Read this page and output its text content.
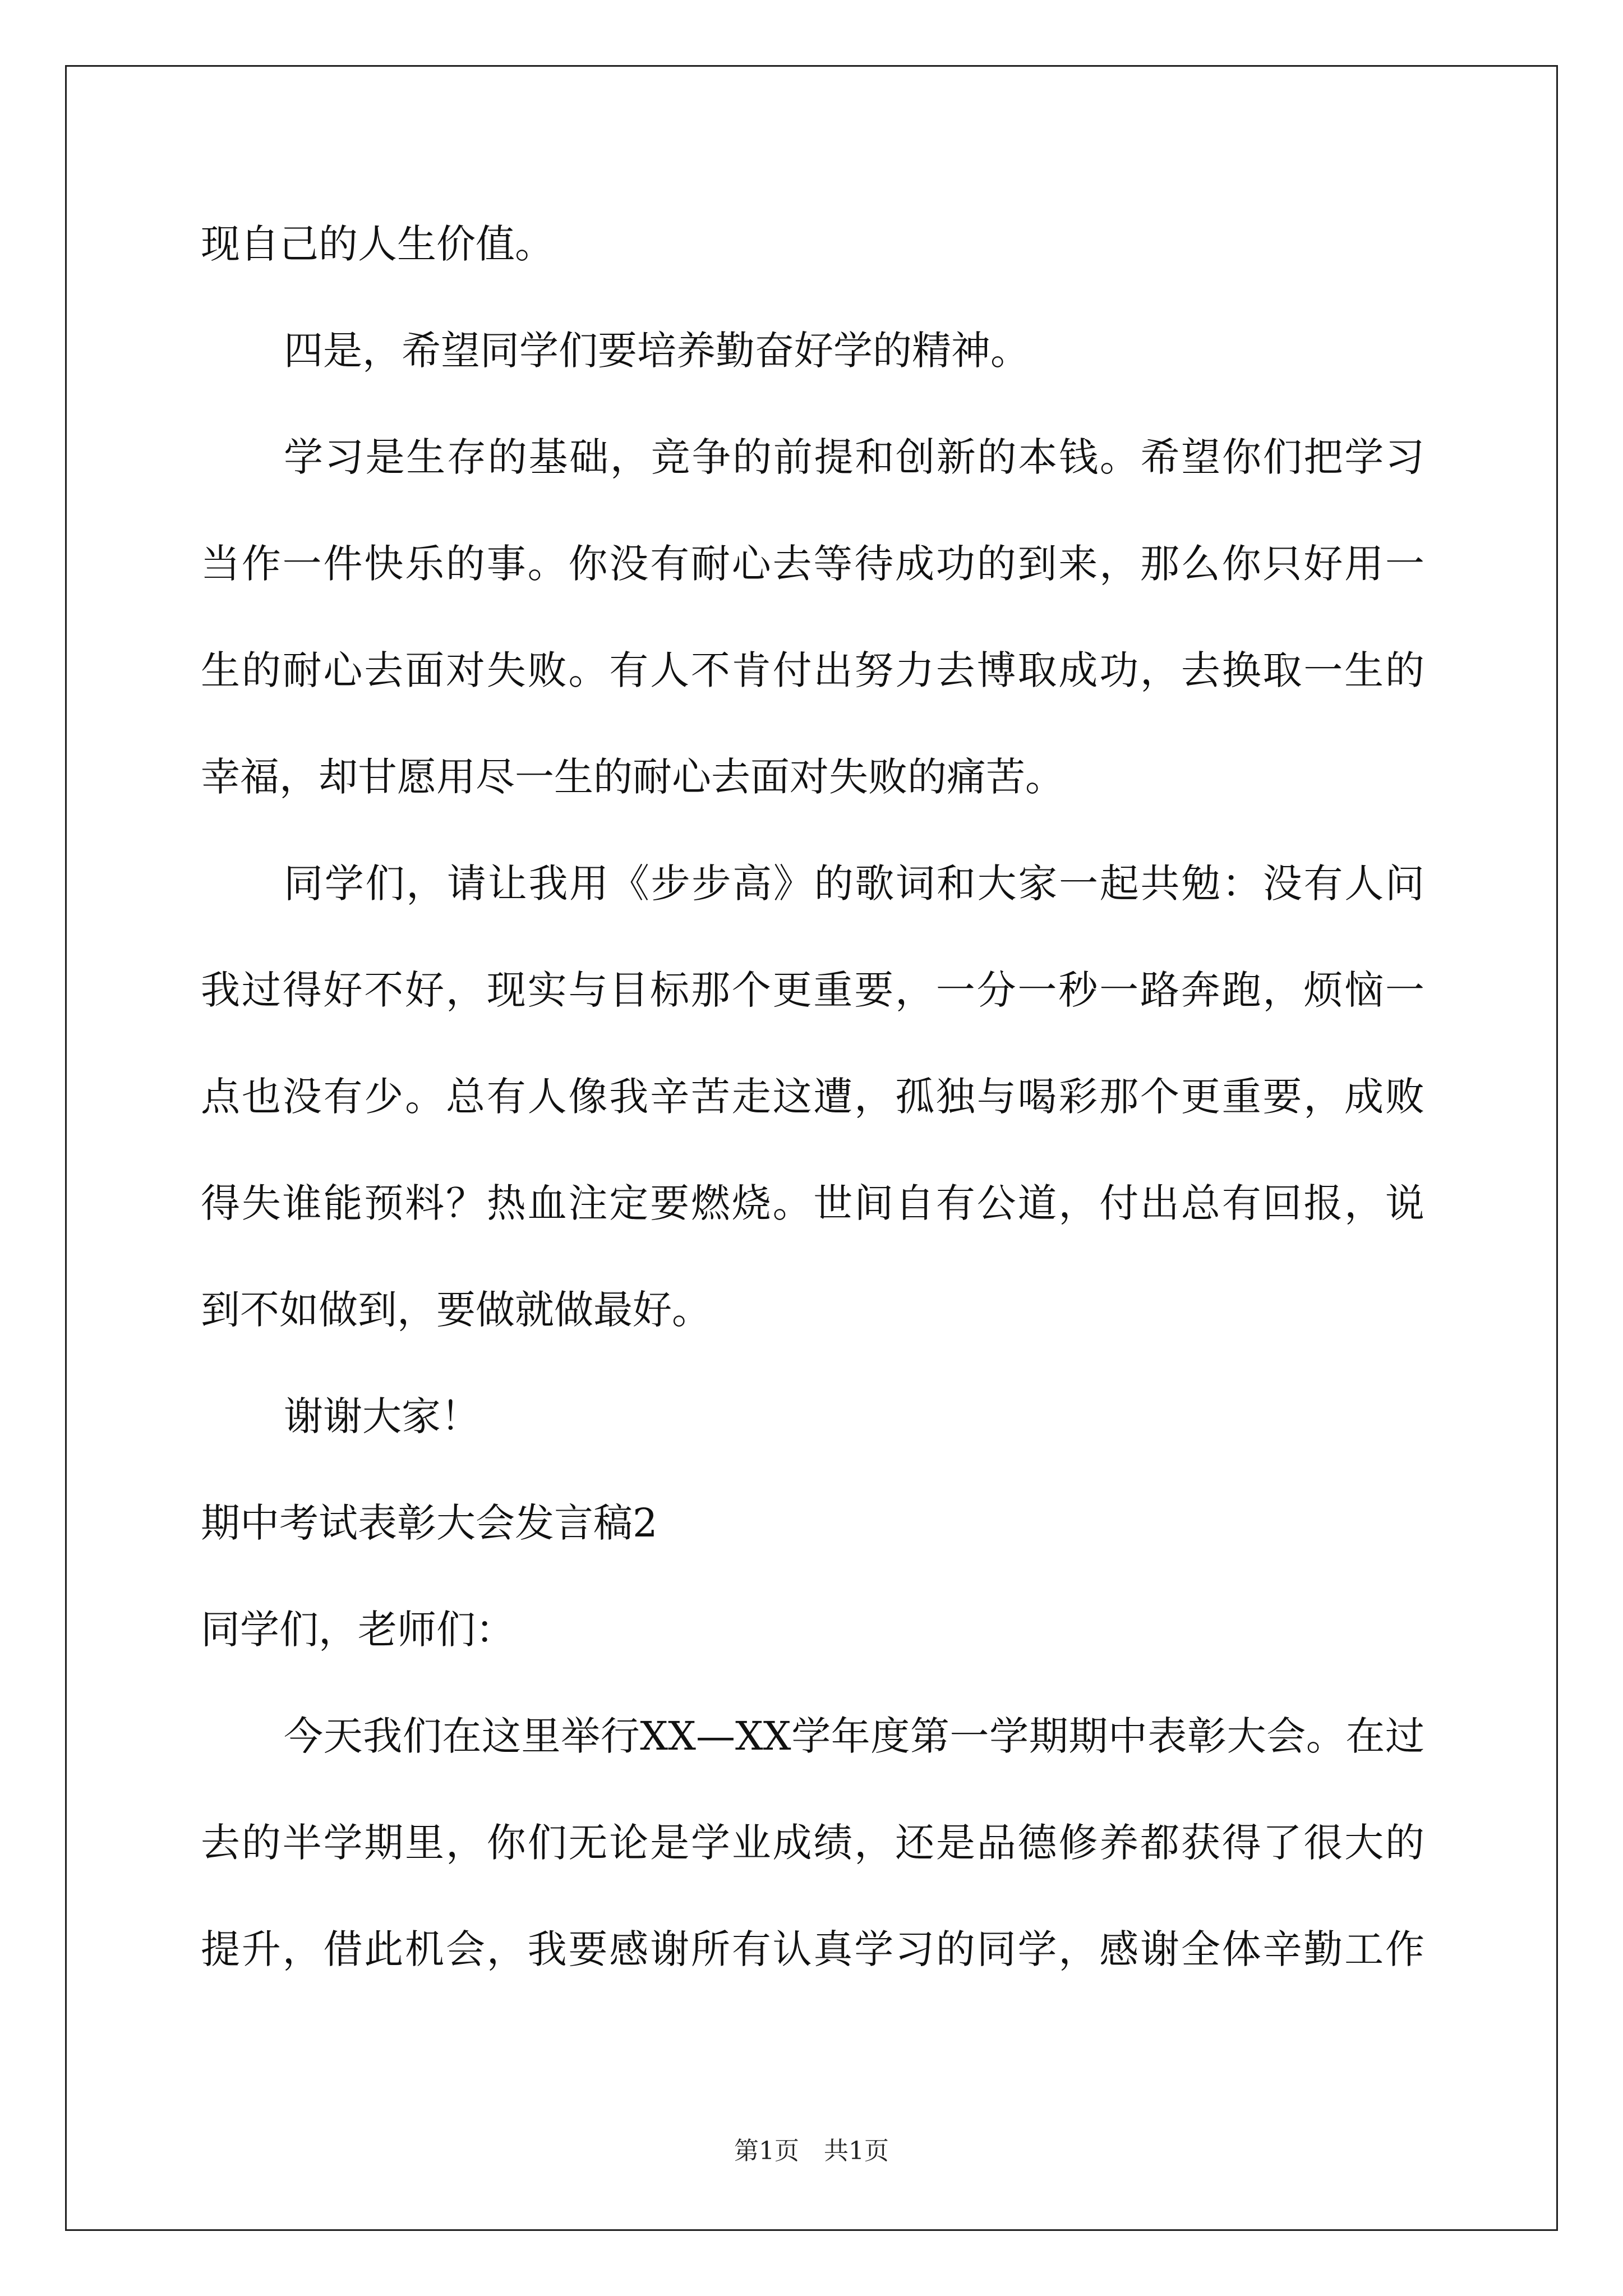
现自己的人生价值。
四是，希望同学们要培养勤奋好学的精神。
学习是生存的基础，竞争的前提和创新的本钱。希望你们把学习
当作一件快乐的事。你没有耐心去等待成功的到来，那么你只好用一
生的耐心去面对失败。有人不肯付出努力去博取成功，去换取一生的
幸福，却甘愿用尽一生的耐心去面对失败的痛苦。
同学们，请让我用《步步高》的歌词和大家一起共勉：没有人问
我过得好不好，现实与目标那个更重要，一分一秒一路奔跑，烦恼一
点也没有少。总有人像我辛苦走这遭，孤独与喝彩那个更重要，成败
得失谁能预料？热血注定要燃烧。世间自有公道，付出总有回报，说
到不如做到，要做就做最好。
谢谢大家！
期中考试表彰大会发言稿2
同学们，老师们：
今天我们在这里举行XX—XX学年度第一学期期中表彰大会。在过
去的半学期里，你们无论是学业成绩，还是品德修养都获得了很大的
提升，借此机会，我要感谢所有认真学习的同学，感谢全体辛勤工作
第1页　共1页
